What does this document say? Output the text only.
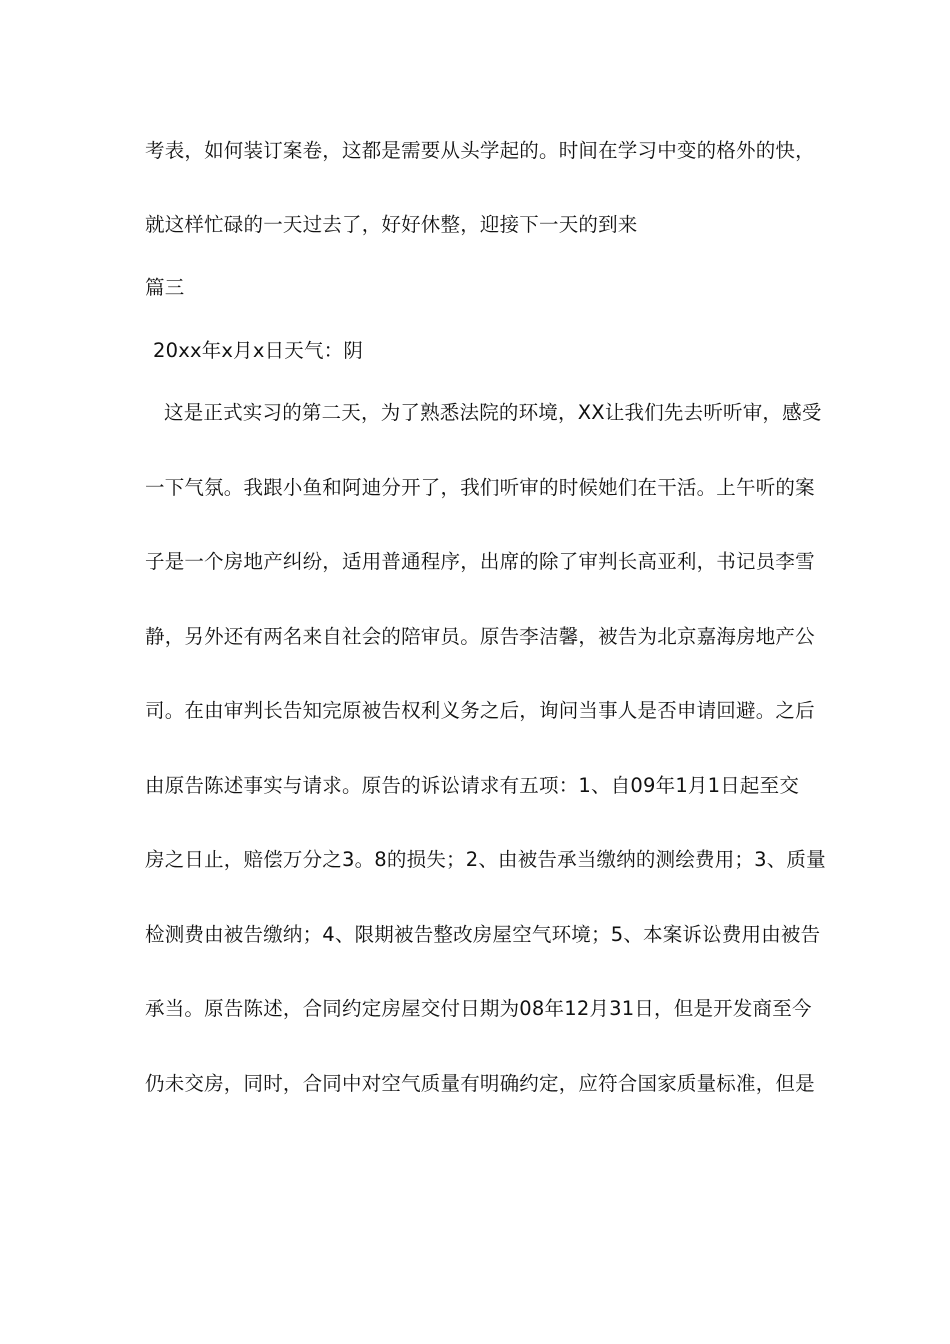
考表，如何装订案卷，这都是需要从头学起的。时间在学习中变的格外的快，
就这样忙碌的一天过去了，好好休整，迎接下一天的到来
篇三
20xx年x月x日天气：阴
这是正式实习的第二天，为了熟悉法院的环境，XX让我们先去听听审，感受
一下气氛。我跟小鱼和阿迪分开了，我们听审的时候她们在干活。上午听的案
子是一个房地产纠纷，适用普通程序，出席的除了审判长高亚利，书记员李雪
静，另外还有两名来自社会的陪审员。原告李洁馨，被告为北京嘉海房地产公
司。在由审判长告知完原被告权利义务之后，询问当事人是否申请回避。之后
由原告陈述事实与请求。原告的诉讼请求有五项：1、自09年1月1日起至交
房之日止，赔偿万分之3。8的损失；2、由被告承当缴纳的测绘费用；3、质量
检测费由被告缴纳；4、限期被告整改房屋空气环境；5、本案诉讼费用由被告
承当。原告陈述，合同约定房屋交付日期为08年12月31日，但是开发商至今
仍未交房，同时，合同中对空气质量有明确约定，应符合国家质量标准，但是
